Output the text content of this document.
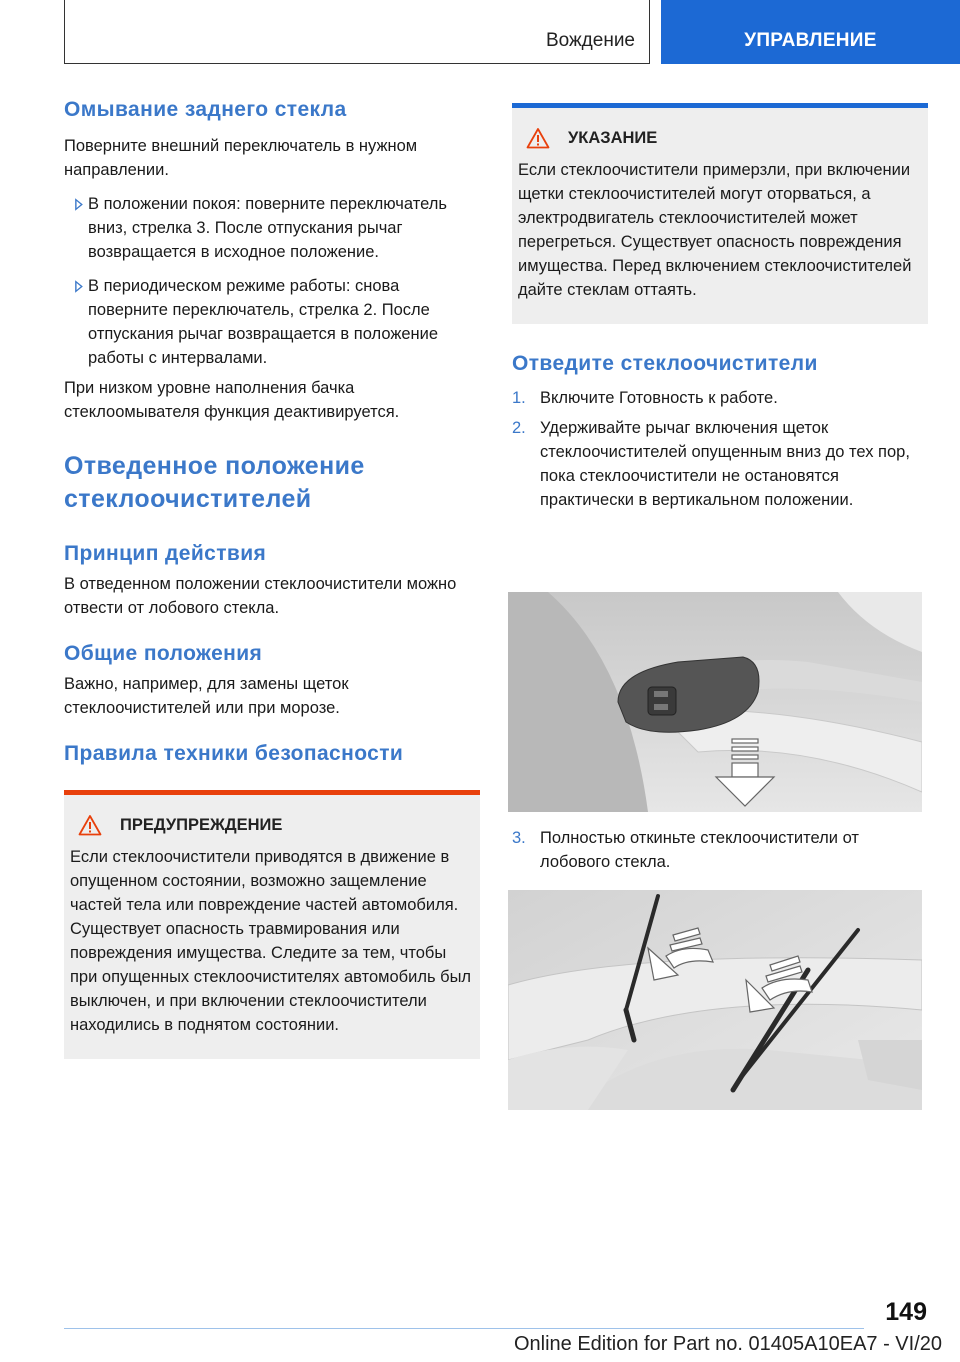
Вождение	УПРАВЛЕНИЕ
Омывание заднего стекла

Поверните внешний переключатель в нужном направлении.

В положении покоя: поверните переключатель вниз, стрелка 3. После отпускания рычаг возвращается в исходное положение.
В периодическом режиме работы: снова поверните переключатель, стрелка 2. После отпускания рычаг возвращается в положение работы с интервалами.

При низком уровне наполнения бачка стеклоомывателя функция деактивируется.

Отведенное положение стеклоочистителей
Принцип действия

В отведенном положении стеклоочистители можно отвести от лобового стекла.

Общие положения

Важно, например, для замены щеток стеклоочистителей или при морозе.

Правила техники безопасности
ПРЕДУПРЕЖДЕНИЕ

Если стеклоочистители приводятся в движение в опущенном состоянии, возможно защемление частей тела или повреждение частей автомобиля. Существует опасность травмирования или повреждения имущества. Следите за тем, чтобы при опущенных стеклоочистителях автомобиль был выключен, и при включении стеклоочистители находились в поднятом состоянии.

УКАЗАНИЕ

Если стеклоочистители примерзли, при включении щетки стеклоочистителей могут оторваться, а электродвигатель стеклоочистителей может перегреться. Существует опасность повреждения имущества. Перед включением стеклоочистителей дайте стеклам оттаять.

Отведите стеклоочистители
1. Включите Готовность к работе.
2. Удерживайте рычаг включения щеток стеклоочистителей опущенным вниз до тех пор, пока стеклоочистители не остановятся практически в вертикальном положении.
3. Полностью откиньте стеклоочистители от лобового стекла.
149
Online Edition for Part no. 01405A10EA7 - VI/20
